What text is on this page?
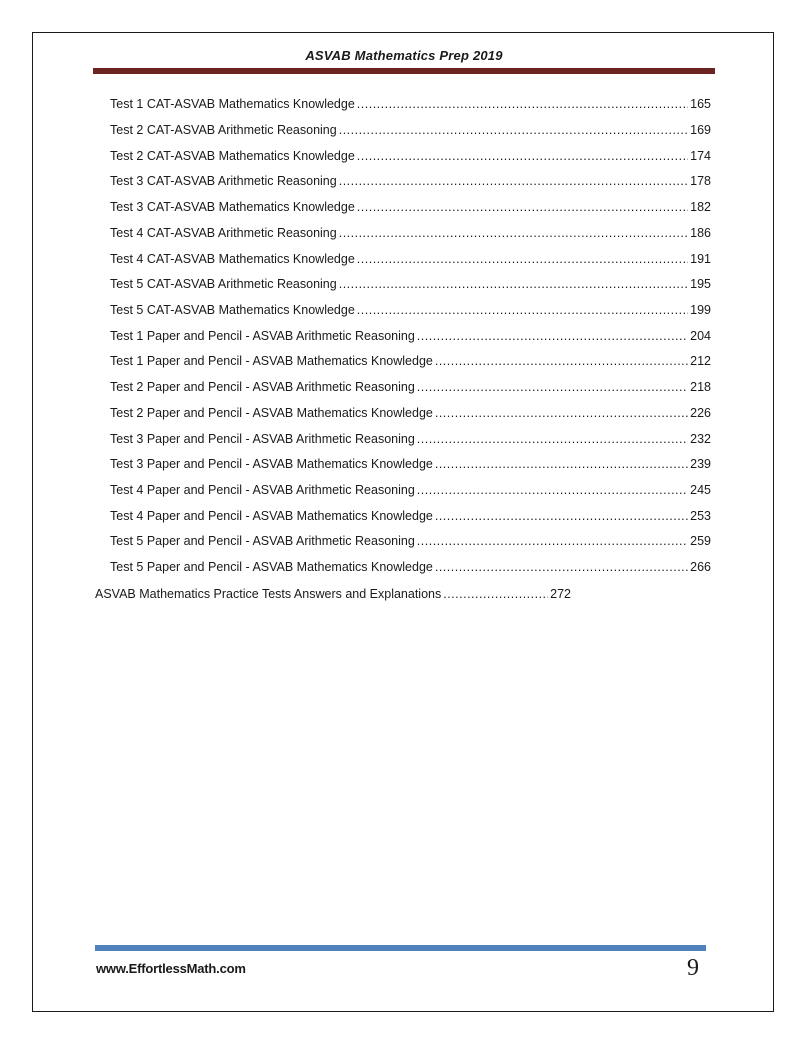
ASVAB Mathematics Prep 2019
Test 1 CAT-ASVAB Mathematics Knowledge .....	165
Test 2 CAT-ASVAB Arithmetic Reasoning .....	169
Test 2 CAT-ASVAB Mathematics Knowledge .....	174
Test 3 CAT-ASVAB Arithmetic Reasoning .....	178
Test 3 CAT-ASVAB Mathematics Knowledge .....	182
Test 4 CAT-ASVAB Arithmetic Reasoning .....	186
Test 4 CAT-ASVAB Mathematics Knowledge .....	191
Test 5 CAT-ASVAB Arithmetic Reasoning .....	195
Test 5 CAT-ASVAB Mathematics Knowledge .....	199
Test 1 Paper and Pencil - ASVAB Arithmetic Reasoning .....	204
Test 1 Paper and Pencil - ASVAB Mathematics Knowledge .....	212
Test 2 Paper and Pencil - ASVAB Arithmetic Reasoning .....	218
Test 2 Paper and Pencil - ASVAB Mathematics Knowledge .....	226
Test 3 Paper and Pencil - ASVAB Arithmetic Reasoning .....	232
Test 3 Paper and Pencil - ASVAB Mathematics Knowledge .....	239
Test 4 Paper and Pencil - ASVAB Arithmetic Reasoning .....	245
Test 4 Paper and Pencil - ASVAB Mathematics Knowledge .....	253
Test 5 Paper and Pencil - ASVAB Arithmetic Reasoning .....	259
Test 5 Paper and Pencil - ASVAB Mathematics Knowledge .....	266
ASVAB Mathematics Practice Tests Answers and Explanations .....	272
www.EffortlessMath.com	9
